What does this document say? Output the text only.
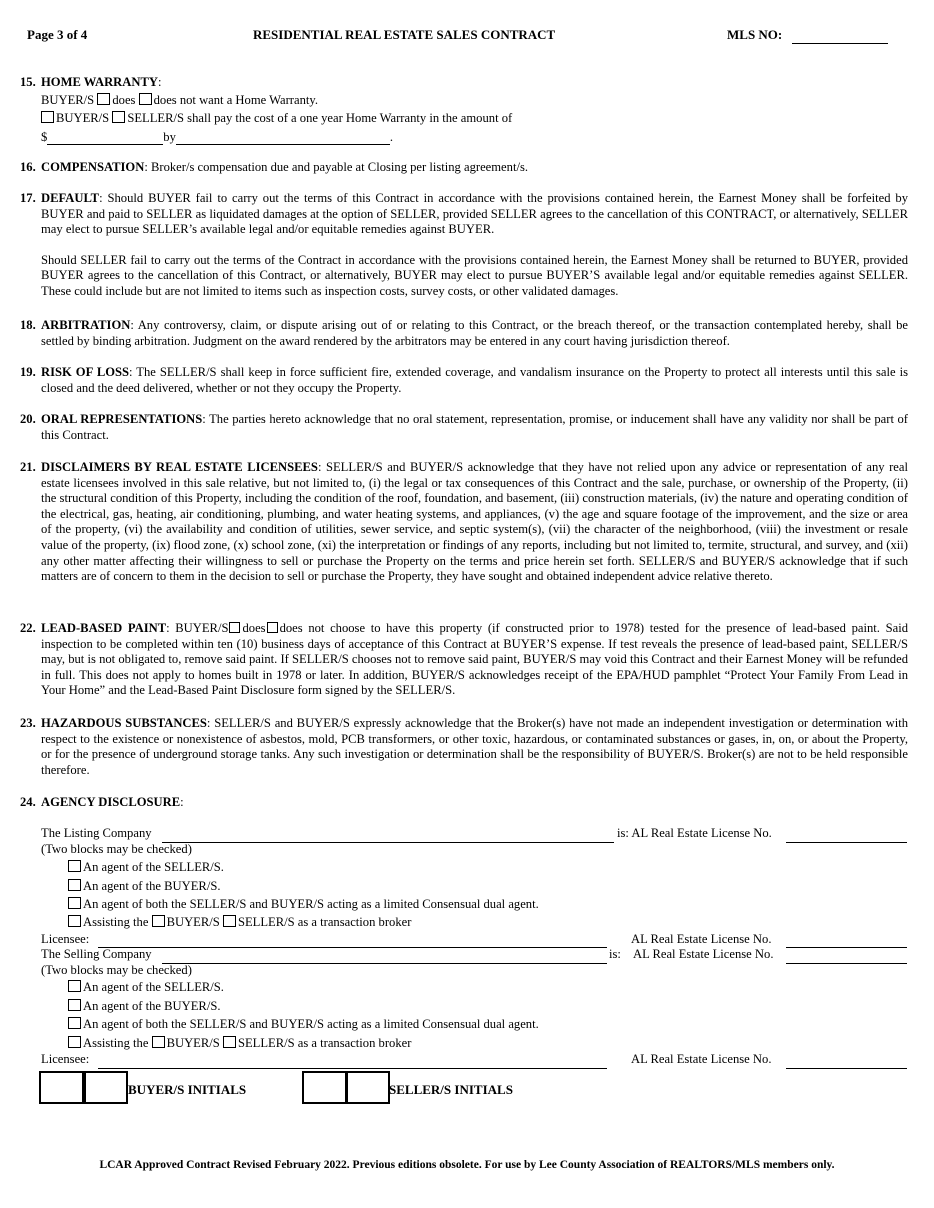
Page 3 of 4	RESIDENTIAL REAL ESTATE SALES CONTRACT	MLS NO:
15. HOME WARRANTY:
BUYER/S does does not want a Home Warranty.
BUYER/S SELLER/S shall pay the cost of a one year Home Warranty in the amount of
$	by	.
16. COMPENSATION: Broker/s compensation due and payable at Closing per listing agreement/s.
17. DEFAULT: Should BUYER fail to carry out the terms of this Contract in accordance with the provisions contained herein, the Earnest Money shall be forfeited by BUYER and paid to SELLER as liquidated damages at the option of SELLER, provided SELLER agrees to the cancellation of this CONTRACT, or alternatively, SELLER may elect to pursue SELLER’s available legal and/or equitable remedies against BUYER.
Should SELLER fail to carry out the terms of the Contract in accordance with the provisions contained herein, the Earnest Money shall be returned to BUYER, provided BUYER agrees to the cancellation of this Contract, or alternatively, BUYER may elect to pursue BUYER’S available legal and/or equitable remedies against SELLER. These could include but are not limited to items such as inspection costs, survey costs, or other validated damages.
18. ARBITRATION: Any controversy, claim, or dispute arising out of or relating to this Contract, or the breach thereof, or the transaction contemplated hereby, shall be settled by binding arbitration. Judgment on the award rendered by the arbitrators may be entered in any court having jurisdiction thereof.
19. RISK OF LOSS: The SELLER/S shall keep in force sufficient fire, extended coverage, and vandalism insurance on the Property to protect all interests until this sale is closed and the deed delivered, whether or not they occupy the Property.
20. ORAL REPRESENTATIONS: The parties hereto acknowledge that no oral statement, representation, promise, or inducement shall have any validity nor shall be part of this Contract.
21. DISCLAIMERS BY REAL ESTATE LICENSEES: SELLER/S and BUYER/S acknowledge that they have not relied upon any advice or representation of any real estate licensees involved in this sale relative, but not limited to, (i) the legal or tax consequences of this Contract and the sale, purchase, or ownership of the Property, (ii) the structural condition of this Property, including the condition of the roof, foundation, and basement, (iii) construction materials, (iv) the nature and operating condition of the electrical, gas, heating, air conditioning, plumbing, and water heating systems, and appliances, (v) the age and square footage of the improvement, and the size or area of the property, (vi) the availability and condition of utilities, sewer service, and septic system(s), (vii) the character of the neighborhood, (viii) the investment or resale value of the property, (ix) flood zone, (x) school zone, (xi) the interpretation or findings of any reports, including but not limited to, termite, structural, and survey, and (xii) any other matter affecting their willingness to sell or purchase the Property on the terms and price herein set forth. SELLER/S and BUYER/S acknowledge that if such matters are of concern to them in the decision to sell or purchase the Property, they have sought and obtained independent advice relative thereto.
22. LEAD-BASED PAINT: BUYER/S does does not choose to have this property (if constructed prior to 1978) tested for the presence of lead-based paint. Said inspection to be completed within ten (10) business days of acceptance of this Contract at BUYER’S expense. If test reveals the presence of lead-based paint, SELLER/S may, but is not obligated to, remove said paint. If SELLER/S chooses not to remove said paint, BUYER/S may void this Contract and their Earnest Money will be refunded in full. This does not apply to homes built in 1978 or later. In addition, BUYER/S acknowledges receipt of the EPA/HUD pamphlet “Protect Your Family From Lead in Your Home” and the Lead-Based Paint Disclosure form signed by the SELLER/S.
23. HAZARDOUS SUBSTANCES: SELLER/S and BUYER/S expressly acknowledge that the Broker(s) have not made an independent investigation or determination with respect to the existence or nonexistence of asbestos, mold, PCB transformers, or other toxic, hazardous, or contaminated substances or gases, in, on, or about the Property, or for the presence of underground storage tanks. Any such investigation or determination shall be the responsibility of BUYER/S. Broker(s) are not to be held responsible therefore.
24. AGENCY DISCLOSURE:
The Listing Company	is: AL Real Estate License No.
(Two blocks may be checked)
An agent of the SELLER/S.
An agent of the BUYER/S.
An agent of both the SELLER/S and BUYER/S acting as a limited Consensual dual agent.
Assisting the BUYER/S SELLER/S as a transaction broker
Licensee:	AL Real Estate License No.
The Selling Company	is: AL Real Estate License No.
(Two blocks may be checked)
An agent of the SELLER/S.
An agent of the BUYER/S.
An agent of both the SELLER/S and BUYER/S acting as a limited Consensual dual agent.
Assisting the BUYER/S SELLER/S as a transaction broker
Licensee:	AL Real Estate License No.
BUYER/S INITIALS	SELLER/S INITIALS
LCAR Approved Contract Revised February 2022. Previous editions obsolete. For use by Lee County Association of REALTORS/MLS members only.
